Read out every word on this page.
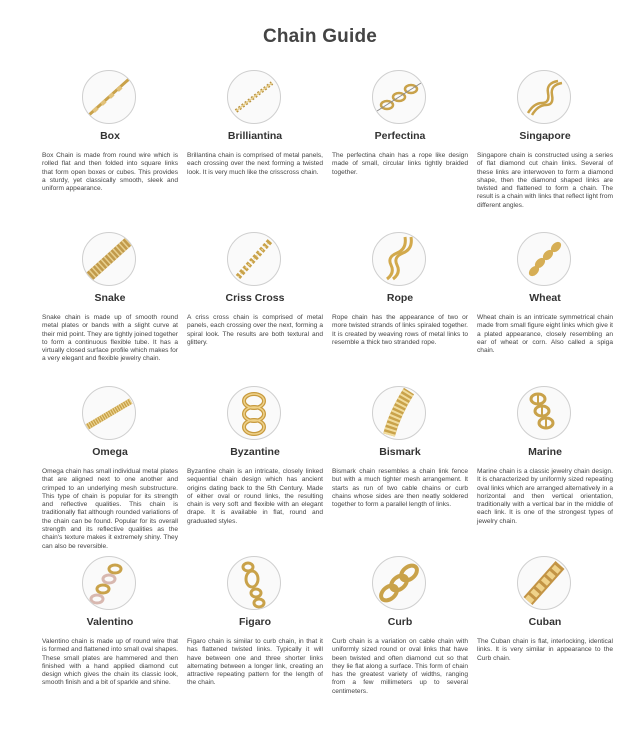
Chain Guide
Box
Box Chain is made from round wire which is rolled flat and then folded into square links that form open boxes or cubes. This provides a sturdy, yet classically smooth, sleek and uniform appearance.
Brilliantina
Brillantina chain is comprised of metal panels, each crossing over the next forming a twisted look. It is very much like the crisscross chain.
Perfectina
The perfectina chain has a rope like design made of small, circular links tightly braided together.
Singapore
Singapore chain is constructed using a series of flat diamond cut chain links. Several of these links are interwoven to form a diamond shape, then the diamond shaped links are twisted and flattened to form a chain. The result is a chain with links that reflect light from different angles.
Snake
Snake chain is made up of smooth round metal plates or bands with a slight curve at their mid point. They are tightly joined together to form a continuous flexible tube. It has a virtually closed surface profile which makes for a very elegant and flexible jewelry chain.
Criss Cross
A criss cross chain is comprised of metal panels, each crossing over the next, forming a spiral look. The results are both textural and glittery.
Rope
Rope chain has the appearance of two or more twisted strands of links spiraled together. It is created by weaving rows of metal links to resemble a thick two stranded rope.
Wheat
Wheat chain is an intricate symmetrical chain made from small figure eight links which give it a plated appearance, closely resembling an ear of wheat or corn. Also called a spiga chain.
Omega
Omega chain has small individual metal plates that are aligned next to one another and crimped to an underlying mesh substructure. This type of chain is popular for its strength and reflective qualities. This chain is traditionally flat although rounded variations of the chain can be found. Popular for its overall strength and its reflective qualities as the chain's texture makes it extremely shiny. They can also be reversible.
Byzantine
Byzantine chain is an intricate, closely linked sequential chain design which has ancient origins dating back to the 5th Century. Made of either oval or round links, the resulting chain is very soft and flexible with an elegant drape. It is available in flat, round and graduated styles.
Bismark
Bismark chain resembles a chain link fence but with a much tighter mesh arrangement. It starts as run of two cable chains or curb chains whose sides are then neatly soldered together to form a parallel length of links.
Marine
Marine chain is a classic jewelry chain design. It is characterized by uniformly sized repeating oval links which are arranged alternatively in a horizontal and then vertical orientation, traditionally with a vertical bar in the middle of each link. It is one of the strongest types of jewelry chain.
Valentino
Valentino chain is made up of round wire that is formed and flattened into small oval shapes. These small plates are hammered and then finished with a hand applied diamond cut design which gives the chain its classic look, smooth finish and a bit of sparkle and shine.
Figaro
Figaro chain is similar to curb chain, in that it has flattened twisted links. Typically it will have between one and three shorter links alternating between a longer link, creating an attractive repeating pattern for the length of the chain.
Curb
Curb chain is a variation on cable chain with uniformly sized round or oval links that have been twisted and often diamond cut so that they lie flat along a surface. This form of chain has the greatest variety of widths, ranging from a few millimeters up to several centimeters.
Cuban
The Cuban chain is flat, interlocking, identical links. It is very similar in appearance to the Curb chain.
